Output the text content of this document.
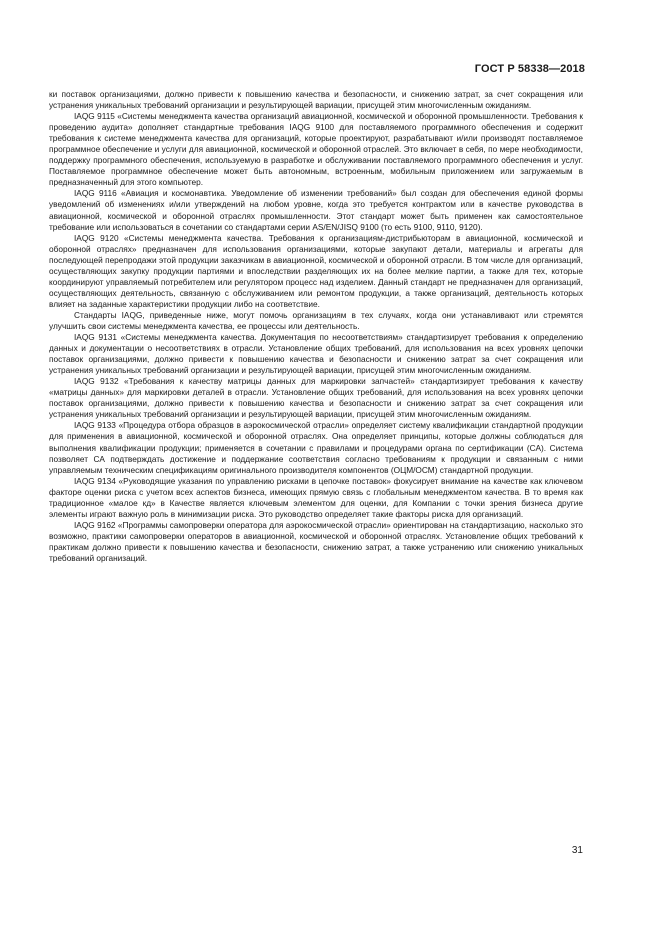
ГОСТ Р 58338—2018

ки поставок организациями, должно привести к повышению качества и безопасности, и снижению затрат, за счет сокращения или устранения уникальных требований организации и результирующей вариации, присущей этим многочисленным ожиданиям.

IAQG 9115 «Системы менеджмента качества организаций авиационной, космической и оборонной промышленности. Требования к проведению аудита» дополняет стандартные требования IAQG 9100 для поставляемого программного обеспечения и содержит требования к системе менеджмента качества для организаций, которые проектируют, разрабатывают и/или производят поставляемое программное обеспечение и услуги для авиационной, космической и оборонной отраслей. Это включает в себя, по мере необходимости, поддержку программного обеспечения, используемую в разработке и обслуживании поставляемого программного обеспечения и услуг. Поставляемое программное обеспечение может быть автономным, встроенным, мобильным приложением или загружаемым в предназначенный для этого компьютер.

IAQG 9116 «Авиация и космонавтика. Уведомление об изменении требований» был создан для обеспечения единой формы уведомлений об изменениях и/или утверждений на любом уровне, когда это требуется контрактом или в качестве руководства в авиационной, космической и оборонной отраслях промышленности. Этот стандарт может быть применен как самостоятельное требование или использоваться в сочетании со стандартами серии AS/EN/JISQ 9100 (то есть 9100, 9110, 9120).

IAQG 9120 «Системы менеджмента качества. Требования к организациям-дистрибьюторам в авиационной, космической и оборонной отраслях» предназначен для использования организациями, которые закупают детали, материалы и агрегаты для последующей перепродажи этой продукции заказчикам в авиационной, космической и оборонной отрасли. В том числе для организаций, осуществляющих закупку продукции партиями и впоследствии разделяющих их на более мелкие партии, а также для тех, которые координируют управляемый потребителем или регулятором процесс над изделием. Данный стандарт не предназначен для организаций, осуществляющих деятельность, связанную с обслуживанием или ремонтом продукции, а также организаций, деятельность которых влияет на заданные характеристики продукции либо на соответствие.

Стандарты IAQG, приведенные ниже, могут помочь организациям в тех случаях, когда они устанавливают или стремятся улучшить свои системы менеджмента качества, ее процессы или деятельность.

IAQG 9131 «Системы менеджмента качества. Документация по несоответствиям» стандартизирует требования к определению данных и документации о несоответствиях в отрасли. Установление общих требований, для использования на всех уровнях цепочки поставок организациями, должно привести к повышению качества и безопасности и снижению затрат за счет сокращения или устранения уникальных требований организации и результирующей вариации, присущей этим многочисленным ожиданиям.

IAQG 9132 «Требования к качеству матрицы данных для маркировки запчастей» стандартизирует требования к качеству «матрицы данных» для маркировки деталей в отрасли. Установление общих требований, для использования на всех уровнях цепочки поставок организациями, должно привести к повышению качества и безопасности и снижению затрат за счет сокращения или устранения уникальных требований организации и результирующей вариации, присущей этим многочисленным ожиданиям.

IAQG 9133 «Процедура отбора образцов в аэрокосмической отрасли» определяет систему квалификации стандартной продукции для применения в авиационной, космической и оборонной отраслях. Она определяет принципы, которые должны соблюдаться для выполнения квалификации продукции; применяется в сочетании с правилами и процедурами органа по сертификации (СА). Система позволяет СА подтверждать достижение и поддержание соответствия согласно требованиям к продукции и связанным с ними управляемым техническим спецификациям оригинального производителя компонентов (ОЦМ/ОСМ) стандартной продукции.

IAQG 9134 «Руководящие указания по управлению рисками в цепочке поставок» фокусирует внимание на качестве как ключевом факторе оценки риска с учетом всех аспектов бизнеса, имеющих прямую связь с глобальным менеджментом качества. В то время как традиционное «малое кд» в Качестве является ключевым элементом для оценки, для Компании с точки зрения бизнеса другие элементы играют важную роль в минимизации риска. Это руководство определяет такие факторы риска для организаций.

IAQG 9162 «Программы самопроверки оператора для аэрокосмической отрасли» ориентирован на стандартизацию, насколько это возможно, практики самопроверки операторов в авиационной, космической и оборонной отраслях. Установление общих требований к практикам должно привести к повышению качества и безопасности, снижению затрат, а также устранению или снижению уникальных требований организаций.

31
